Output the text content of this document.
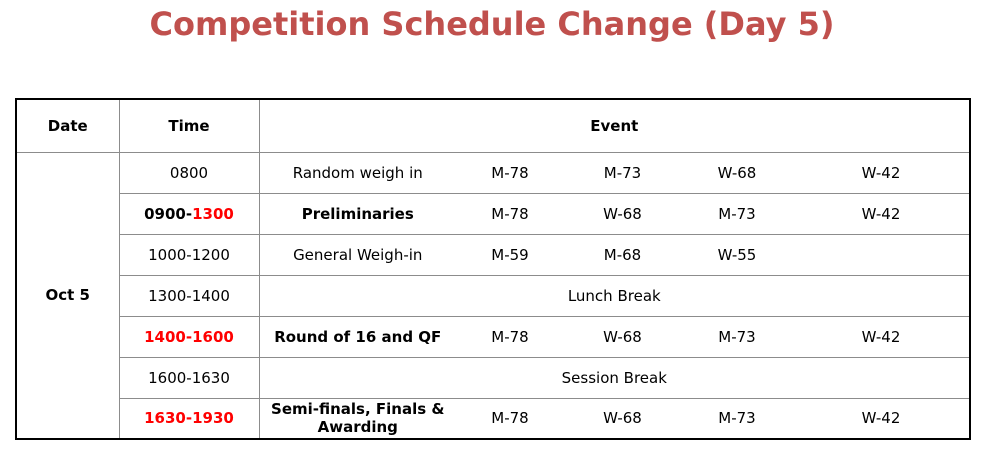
Competition Schedule Change (Day 5)
Date	Time	Event				
Oct 5	0800	Random weigh in	M-78	M-73	W-68	W-42
	0900-1300	Preliminaries	M-78	W-68	M-73	W-42
	1000-1200	General Weigh-in	M-59	M-68	W-55	
	1300-1400	Lunch Break				
	1400-1600	Round of 16 and QF	M-78	W-68	M-73	W-42
	1600-1630	Session Break				
	1630-1930	Semi-finals, Finals & Awarding	M-78	W-68	M-73	W-42
